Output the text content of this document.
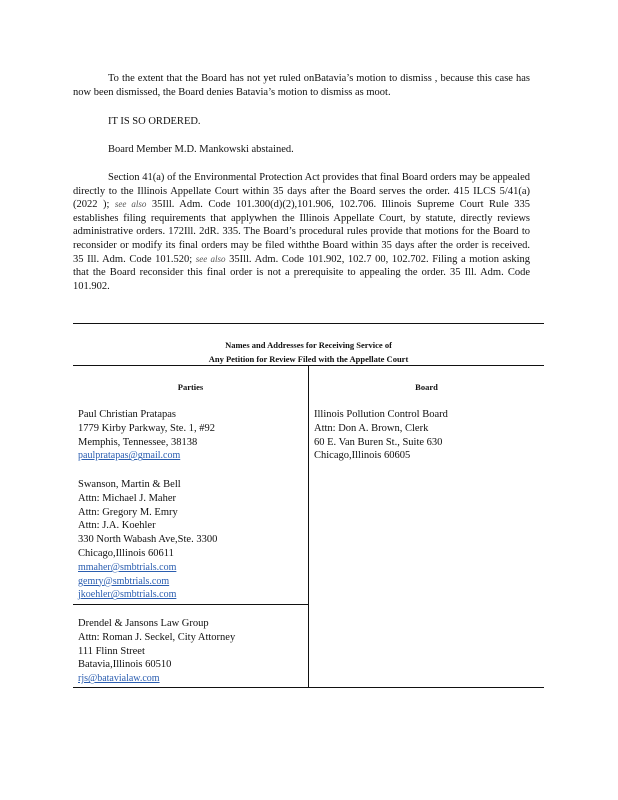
To the extent that the Board has not yet ruled onBatavia’s motion to dismiss , because this case has now been dismissed, the Board denies Batavia’s motion to dismiss as moot.
IT IS SO ORDERED.
Board Member M.D. Mankowski abstained.
Section 41(a) of the Environmental Protection Act provides that final Board orders may be appealed directly to the Illinois Appellate Court within 35 days after the Board serves the order. 415 ILCS 5/41(a) (2022 ); see also 35Ill. Adm. Code 101.300(d)(2),101.906, 102.706. Illinois Supreme Court Rule 335 establishes filing requirements that applywhen the Illinois Appellate Court, by statute, directly reviews administrative orders. 172Ill. 2dR. 335. The Board’s procedural rules provide that motions for the Board to reconsider or modify its final orders may be filed withthe Board within 35 days after the order is received. 35 Ill. Adm. Code 101.520; see also 35Ill. Adm. Code 101.902, 102.7 00, 102.702. Filing a motion asking that the Board reconsider this final order is not a prerequisite to appealing the order. 35 Ill. Adm. Code 101.902.
Names and Addresses for Receiving Service of
Any Petition for Review Filed with the Appellate Court
Parties	Board
Paul Christian Pratapas
1779 Kirby Parkway, Ste. 1, #92
Memphis, Tennessee, 38138
paulpratapas@gmail.com
Swanson, Martin & Bell
Attn: Michael J. Maher
Attn: Gregory M. Emry
Attn: J.A. Koehler
330 North Wabash Ave,Ste. 3300
Chicago,Illinois 60611
mmaher@smbtrials.com
gemry@smbtrials.com
jkoehler@smbtrials.com
Drendel & Jansons Law Group
Attn: Roman J. Seckel, City Attorney
111 Flinn Street
Batavia,Illinois 60510
rjs@batavialaw.com
Illinois Pollution Control Board
Attn: Don A. Brown, Clerk
60 E. Van Buren St., Suite 630
Chicago,Illinois 60605
